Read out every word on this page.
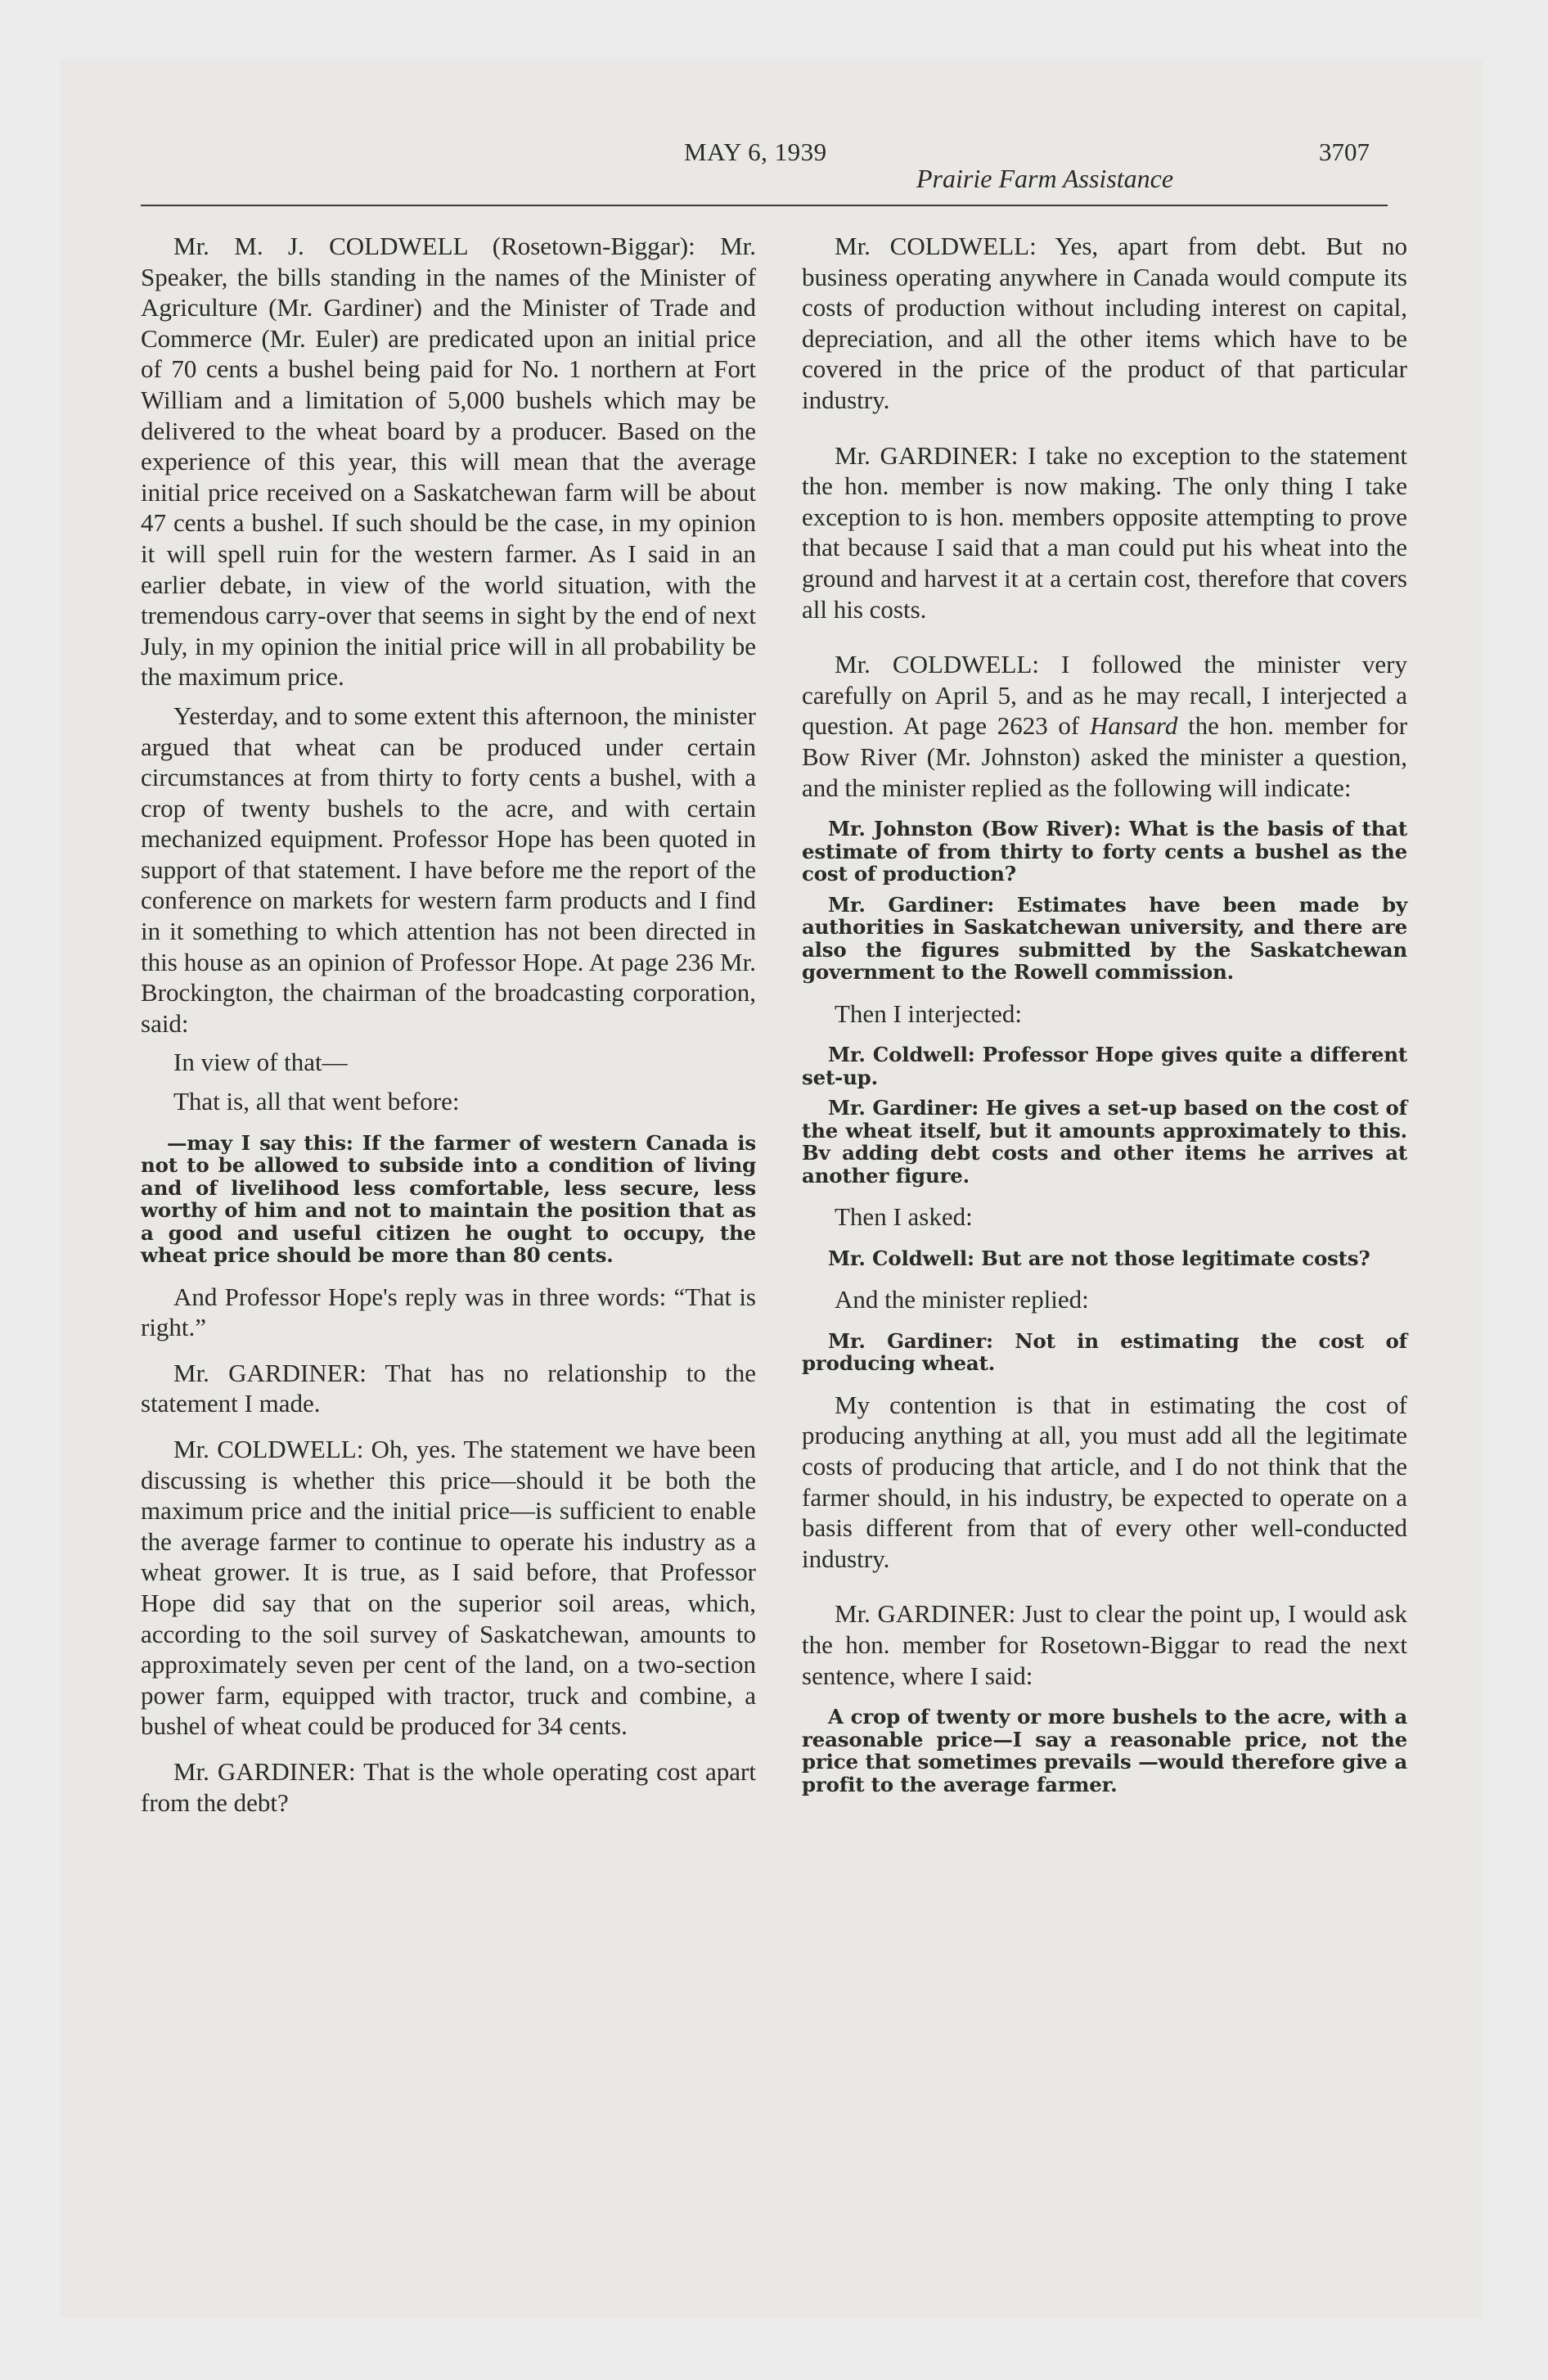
MAY 6, 1939	3707

Prairie Farm Assistance

Mr. M. J. COLDWELL (Rosetown-Biggar): Mr. Speaker, the bills standing in the names of the Minister of Agriculture (Mr. Gardiner) and the Minister of Trade and Commerce (Mr. Euler) are predicated upon an initial price of 70 cents a bushel being paid for No. 1 northern at Fort William and a limitation of 5,000 bushels which may be delivered to the wheat board by a producer. Based on the experience of this year, this will mean that the average initial price received on a Saskatchewan farm will be about 47 cents a bushel. If such should be the case, in my opinion it will spell ruin for the western farmer. As I said in an earlier debate, in view of the world situation, with the tremendous carry-over that seems in sight by the end of next July, in my opinion the initial price will in all probability be the maximum price.

Yesterday, and to some extent this afternoon, the minister argued that wheat can be produced under certain circumstances at from thirty to forty cents a bushel, with a crop of twenty bushels to the acre, and with certain mechanized equipment. Professor Hope has been quoted in support of that statement. I have before me the report of the conference on markets for western farm products and I find in it something to which attention has not been directed in this house as an opinion of Professor Hope. At page 236 Mr. Brockington, the chairman of the broadcasting corporation, said:

In view of that—

That is, all that went before:

—may I say this: If the farmer of western Canada is not to be allowed to subside into a condition of living and of livelihood less comfortable, less secure, less worthy of him and not to maintain the position that as a good and useful citizen he ought to occupy, the wheat price should be more than 80 cents.

And Professor Hope's reply was in three words: “That is right.”

Mr. GARDINER: That has no relationship to the statement I made.

Mr. COLDWELL: Oh, yes. The statement we have been discussing is whether this price—should it be both the maximum price and the initial price—is sufficient to enable the average farmer to continue to operate his industry as a wheat grower. It is true, as I said before, that Professor Hope did say that on the superior soil areas, which, according to the soil survey of Saskatchewan, amounts to approximately seven per cent of the land, on a two-section power farm, equipped with tractor, truck and combine, a bushel of wheat could be produced for 34 cents.

Mr. GARDINER: That is the whole operating cost apart from the debt?

Mr. COLDWELL: Yes, apart from debt. But no business operating anywhere in Canada would compute its costs of production without including interest on capital, depreciation, and all the other items which have to be covered in the price of the product of that particular industry.

Mr. GARDINER: I take no exception to the statement the hon. member is now making. The only thing I take exception to is hon. members opposite attempting to prove that because I said that a man could put his wheat into the ground and harvest it at a certain cost, therefore that covers all his costs.

Mr. COLDWELL: I followed the minister very carefully on April 5, and as he may recall, I interjected a question. At page 2623 of Hansard the hon. member for Bow River (Mr. Johnston) asked the minister a question, and the minister replied as the following will indicate:

Mr. Johnston (Bow River): What is the basis of that estimate of from thirty to forty cents a bushel as the cost of production?

Mr. Gardiner: Estimates have been made by authorities in Saskatchewan university, and there are also the figures submitted by the Saskatchewan government to the Rowell commission.

Then I interjected:

Mr. Coldwell: Professor Hope gives quite a different set-up.

Mr. Gardiner: He gives a set-up based on the cost of the wheat itself, but it amounts approximately to this. Bv adding debt costs and other items he arrives at another figure.

Then I asked:

Mr. Coldwell: But are not those legitimate costs?

And the minister replied:

Mr. Gardiner: Not in estimating the cost of producing wheat.

My contention is that in estimating the cost of producing anything at all, you must add all the legitimate costs of producing that article, and I do not think that the farmer should, in his industry, be expected to operate on a basis different from that of every other well-conducted industry.

Mr. GARDINER: Just to clear the point up, I would ask the hon. member for Rosetown-Biggar to read the next sentence, where I said:

A crop of twenty or more bushels to the acre, with a reasonable price—I say a reasonable price, not the price that sometimes prevails —would therefore give a profit to the average farmer.
